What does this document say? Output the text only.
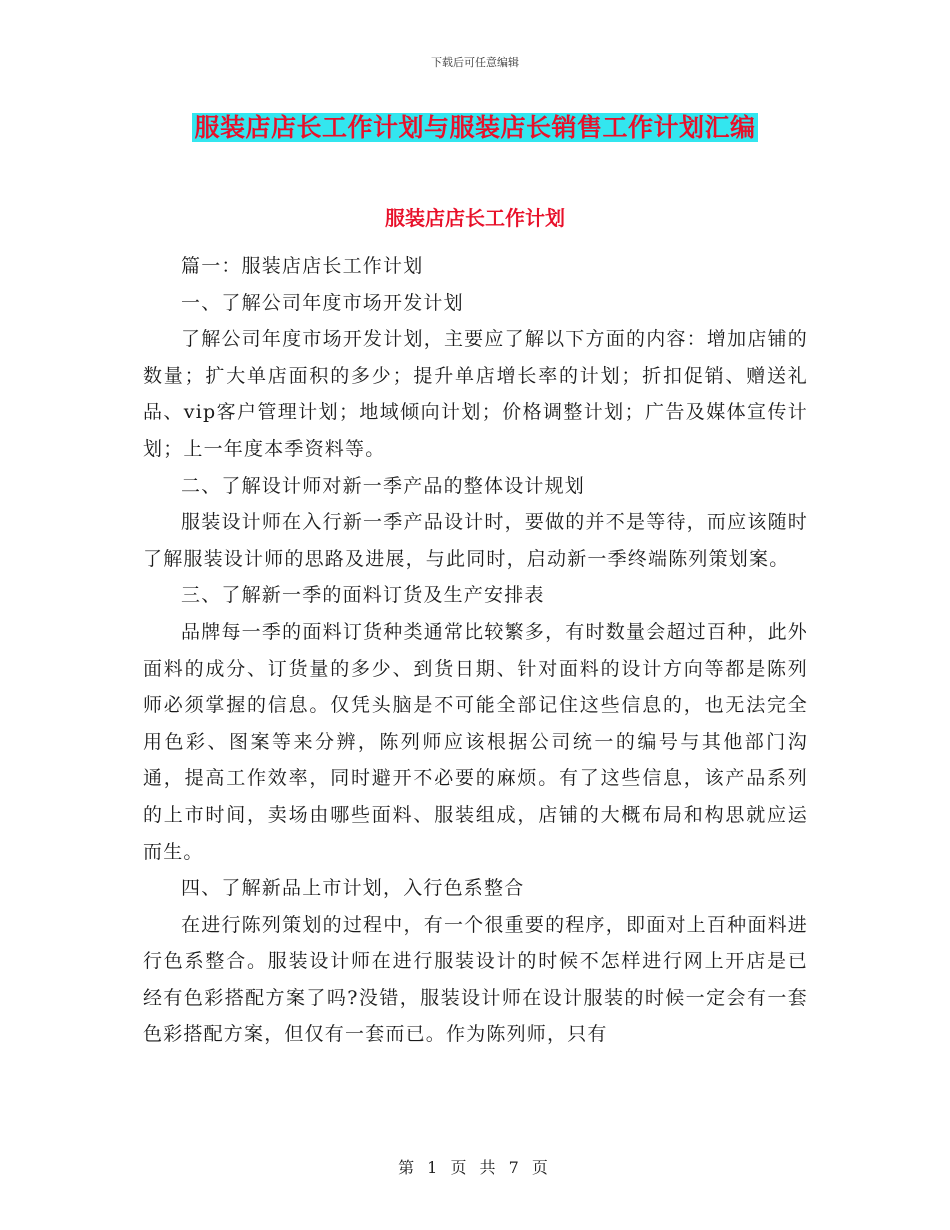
下载后可任意编辑
服装店店长工作计划与服装店长销售工作计划汇编
服装店店长工作计划

篇一：服装店店长工作计划

一、了解公司年度市场开发计划

了解公司年度市场开发计划，主要应了解以下方面的内容：增加店铺的数量；扩大单店面积的多少；提升单店增长率的计划；折扣促销、赠送礼品、vip客户管理计划；地域倾向计划；价格调整计划；广告及媒体宣传计划；上一年度本季资料等。

二、了解设计师对新一季产品的整体设计规划

服装设计师在入行新一季产品设计时，要做的并不是等待，而应该随时了解服装设计师的思路及进展，与此同时，启动新一季终端陈列策划案。

三、了解新一季的面料订货及生产安排表

品牌每一季的面料订货种类通常比较繁多，有时数量会超过百种，此外面料的成分、订货量的多少、到货日期、针对面料的设计方向等都是陈列师必须掌握的信息。仅凭头脑是不可能全部记住这些信息的，也无法完全用色彩、图案等来分辨，陈列师应该根据公司统一的编号与其他部门沟通，提高工作效率，同时避开不必要的麻烦。有了这些信息，该产品系列的上市时间，卖场由哪些面料、服装组成，店铺的大概布局和构思就应运而生。

四、了解新品上市计划，入行色系整合

在进行陈列策划的过程中，有一个很重要的程序，即面对上百种面料进行色系整合。服装设计师在进行服装设计的时候不怎样进行网上开店是已经有色彩搭配方案了吗?没错，服装设计师在设计服装的时候一定会有一套色彩搭配方案，但仅有一套而已。作为陈列师，只有

第 1 页 共 7 页
